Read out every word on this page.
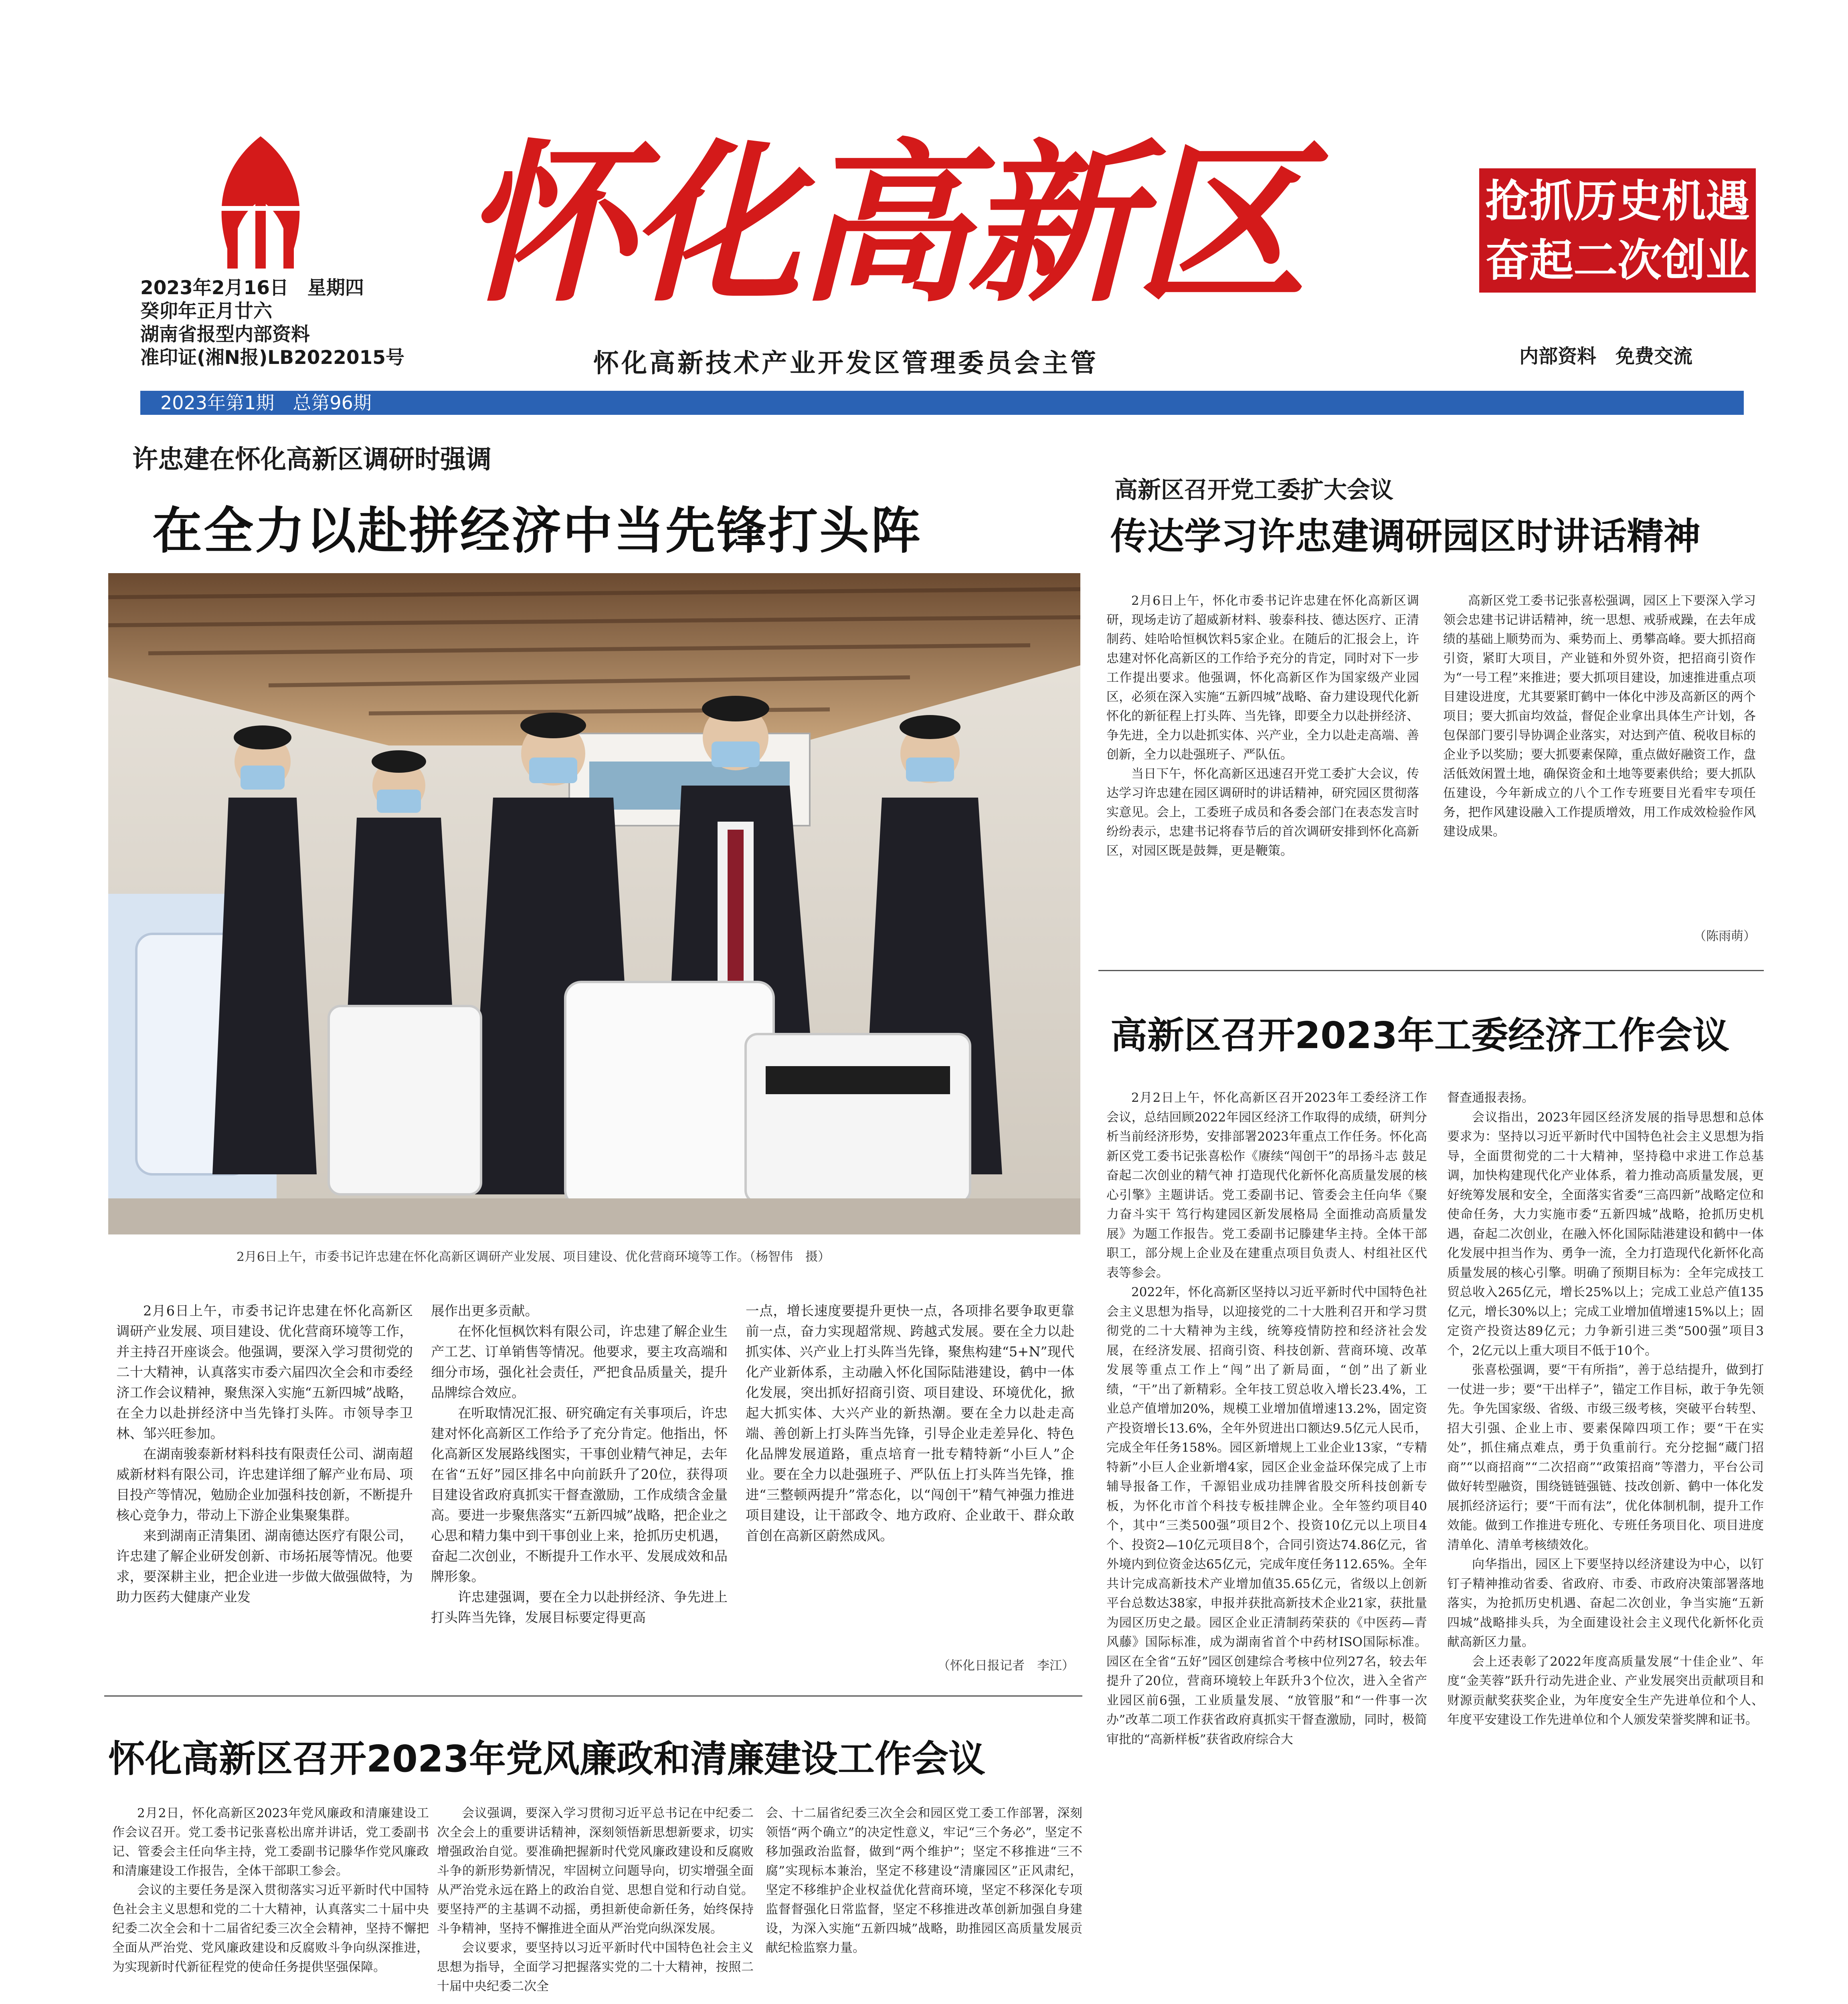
怀化高新区
2023年2月16日　星期四
癸卯年正月廿六
湖南省报型内部资料
准印证(湘N报)LB2022015号
2023年第1期　总第96期
怀化高新技术产业开发区管理委员会主管
抢抓历史机遇
奋起二次创业
内部资料　免费交流
许忠建在怀化高新区调研时强调
在全力以赴拼经济中当先锋打头阵
2月6日上午，市委书记许忠建在怀化高新区调研产业发展、项目建设、优化营商环境等工作。（杨智伟　摄）

2月6日上午，市委书记许忠建在怀化高新区调研产业发展、项目建设、优化营商环境等工作，并主持召开座谈会。他强调，要深入学习贯彻党的二十大精神，认真落实市委六届四次全会和市委经济工作会议精神，聚焦深入实施“五新四城”战略，在全力以赴拼经济中当先锋打头阵。市领导李卫林、邹兴旺参加。

在湖南骏泰新材料科技有限责任公司、湖南超威新材料有限公司，许忠建详细了解产业布局、项目投产等情况，勉励企业加强科技创新，不断提升核心竞争力，带动上下游企业集聚集群。

来到湖南正清集团、湖南德达医疗有限公司，许忠建了解企业研发创新、市场拓展等情况。他要求，要深耕主业，把企业进一步做大做强做特，为助力医药大健康产业发

展作出更多贡献。

在怀化恒枫饮料有限公司，许忠建了解企业生产工艺、订单销售等情况。他要求，要主攻高端和细分市场，强化社会责任，严把食品质量关，提升品牌综合效应。

在听取情况汇报、研究确定有关事项后，许忠建对怀化高新区工作给予了充分肯定。他指出，怀化高新区发展路线图实，干事创业精气神足，去年在省“五好”园区排名中向前跃升了20位，获得项目建设省政府真抓实干督查激励，工作成绩含金量高。要进一步聚焦落实“五新四城”战略，把企业之心思和精力集中到干事创业上来，抢抓历史机遇，奋起二次创业，不断提升工作水平、发展成效和品牌形象。

许忠建强调，要在全力以赴拼经济、争先进上打头阵当先锋，发展目标要定得更高

一点，增长速度要提升更快一点，各项排名要争取更靠前一点，奋力实现超常规、跨越式发展。要在全力以赴抓实体、兴产业上打头阵当先锋，聚焦构建“5+N”现代化产业新体系，主动融入怀化国际陆港建设，鹤中一体化发展，突出抓好招商引资、项目建设、环境优化，掀起大抓实体、大兴产业的新热潮。要在全力以赴走高端、善创新上打头阵当先锋，引导企业走差异化、特色化品牌发展道路，重点培育一批专精特新“小巨人”企业。要在全力以赴强班子、严队伍上打头阵当先锋，推进“三整顿两提升”常态化，以“闯创干”精气神强力推进项目建设，让干部政令、地方政府、企业敢干、群众敢首创在高新区蔚然成风。

（怀化日报记者　李江）
高新区召开党工委扩大会议
传达学习许忠建调研园区时讲话精神

2月6日上午，怀化市委书记许忠建在怀化高新区调研，现场走访了超威新材料、骏泰科技、德达医疗、正清制药、娃哈哈恒枫饮料5家企业。在随后的汇报会上，许忠建对怀化高新区的工作给予充分的肯定，同时对下一步工作提出要求。他强调，怀化高新区作为国家级产业园区，必须在深入实施“五新四城”战略、奋力建设现代化新怀化的新征程上打头阵、当先锋，即要全力以赴拼经济、争先进，全力以赴抓实体、兴产业，全力以赴走高端、善创新，全力以赴强班子、严队伍。

当日下午，怀化高新区迅速召开党工委扩大会议，传达学习许忠建在园区调研时的讲话精神，研究园区贯彻落实意见。会上，工委班子成员和各委会部门在表态发言时纷纷表示，忠建书记将春节后的首次调研安排到怀化高新区，对园区既是鼓舞，更是鞭策。

高新区党工委书记张喜松强调，园区上下要深入学习领会忠建书记讲话精神，统一思想、戒骄戒躁，在去年成绩的基础上顺势而为、乘势而上、勇攀高峰。要大抓招商引资，紧盯大项目，产业链和外贸外资，把招商引资作为“一号工程”来推进；要大抓项目建设，加速推进重点项目建设进度，尤其要紧盯鹤中一体化中涉及高新区的两个项目；要大抓亩均效益，督促企业拿出具体生产计划，各包保部门要引导协调企业落实，对达到产值、税收目标的企业予以奖励；要大抓要素保障，重点做好融资工作，盘活低效闲置土地，确保资金和土地等要素供给；要大抓队伍建设，今年新成立的八个工作专班要目光看牢专项任务，把作风建设融入工作提质增效，用工作成效检验作风建设成果。

（陈雨萌）
高新区召开2023年工委经济工作会议

2月2日上午，怀化高新区召开2023年工委经济工作会议，总结回顾2022年园区经济工作取得的成绩，研判分析当前经济形势，安排部署2023年重点工作任务。怀化高新区党工委书记张喜松作《赓续“闯创干”的昂扬斗志 鼓足奋起二次创业的精气神 打造现代化新怀化高质量发展的核心引擎》主题讲话。党工委副书记、管委会主任向华《聚力奋斗实干 笃行构建园区新发展格局 全面推动高质量发展》为题工作报告。党工委副书记滕建华主持。全体干部职工，部分规上企业及在建重点项目负责人、村组社区代表等参会。

2022年，怀化高新区坚持以习近平新时代中国特色社会主义思想为指导，以迎接党的二十大胜利召开和学习贯彻党的二十大精神为主线，统筹疫情防控和经济社会发展，在经济发展、招商引资、科技创新、营商环境、改革发展等重点工作上“闯”出了新局面，“创”出了新业绩，“干”出了新精彩。全年技工贸总收入增长23.4%，工业总产值增加20%，规模工业增加值增速13.2%，固定资产投资增长13.6%，全年外贸进出口额达9.5亿元人民币，完成全年任务158%。园区新增规上工业企业13家，“专精特新”小巨人企业新增4家，园区企业金益环保完成了上市辅导报备工作，千源铝业成功挂牌省股交所科技创新专板，为怀化市首个科技专板挂牌企业。全年签约项目40个，其中“三类500强”项目2个、投资10亿元以上项目4个、投资2—10亿元项目8个，合同引资达74.86亿元，省外境内到位资金达65亿元，完成年度任务112.65%。全年共计完成高新技术产业增加值35.65亿元，省级以上创新平台总数达38家，申报并获批高新技术企业21家，获批量为园区历史之最。园区企业正清制药荣获的《中医药—青风藤》国际标准，成为湖南省首个中药材ISO国际标准。园区在全省“五好”园区创建综合考核中位列27名，较去年提升了20位，营商环境较上年跃升3个位次，进入全省产业园区前6强，工业质量发展、“放管服”和“一件事一次办”改革二项工作获省政府真抓实干督查激励，同时，极简审批的“高新样板”获省政府综合大

督查通报表扬。

会议指出，2023年园区经济发展的指导思想和总体要求为：坚持以习近平新时代中国特色社会主义思想为指导，全面贯彻党的二十大精神，坚持稳中求进工作总基调，加快构建现代化产业体系，着力推动高质量发展，更好统筹发展和安全，全面落实省委“三高四新”战略定位和使命任务，大力实施市委“五新四城”战略，抢抓历史机遇，奋起二次创业，在融入怀化国际陆港建设和鹤中一体化发展中担当作为、勇争一流，全力打造现代化新怀化高质量发展的核心引擎。明确了预期目标为：全年完成技工贸总收入265亿元，增长25%以上；完成工业总产值135亿元，增长30%以上；完成工业增加值增速15%以上；固定资产投资达89亿元；力争新引进三类“500强”项目3个，2亿元以上重大项目不低于10个。

张喜松强调，要“干有所指”，善于总结提升，做到打一仗进一步；要“干出样子”，锚定工作目标，敢于争先领先。争先国家级、省级、市级三级考核，突破平台转型、招大引强、企业上市、要素保障四项工作；要“干在实处”，抓住痛点难点，勇于负重前行。充分挖掘“蔵门招商”“以商招商”“二次招商”“政策招商”等潜力，平台公司做好转型融资，围绕链链强链、技改创新、鹤中一体化发展抓经济运行；要“干而有法”，优化体制机制，提升工作效能。做到工作推进专班化、专班任务项目化、项目进度清单化、清单考核绩效化。

向华指出，园区上下要坚持以经济建设为中心，以钉钉子精神推动省委、省政府、市委、市政府决策部署落地落实，为抢抓历史机遇、奋起二次创业，争当实施“五新四城”战略排头兵，为全面建设社会主义现代化新怀化贡献高新区力量。

会上还表彰了2022年度高质量发展“十佳企业”、年度“金芙蓉”跃升行动先进企业、产业发展突出贡献项目和财源贡献奖获奖企业，为年度安全生产先进单位和个人、年度平安建设工作先进单位和个人颁发荣誉奖牌和证书。

怀化高新区召开2023年党风廉政和清廉建设工作会议

2月2日，怀化高新区2023年党风廉政和清廉建设工作会议召开。党工委书记张喜松出席并讲话，党工委副书记、管委会主任向华主持，党工委副书记滕华作党风廉政和清廉建设工作报告，全体干部职工参会。

会议的主要任务是深入贯彻落实习近平新时代中国特色社会主义思想和党的二十大精神，认真落实二十届中央纪委二次全会和十二届省纪委三次全会精神，坚持不懈把全面从严治党、党风廉政建设和反腐败斗争向纵深推进，为实现新时代新征程党的使命任务提供坚强保障。

会议强调，要深入学习贯彻习近平总书记在中纪委二次全会上的重要讲话精神，深刻领悟新思想新要求，切实增强政治自觉。要准确把握新时代党风廉政建设和反腐败斗争的新形势新情况，牢固树立问题导向，切实增强全面从严治党永远在路上的政治自觉、思想自觉和行动自觉。要坚持严的主基调不动摇，勇担新使命新任务，始终保持斗争精神，坚持不懈推进全面从严治党向纵深发展。

会议要求，要坚持以习近平新时代中国特色社会主义思想为指导，全面学习把握落实党的二十大精神，按照二十届中央纪委二次全

会、十二届省纪委三次全会和园区党工委工作部署，深刻领悟“两个确立”的决定性意义，牢记“三个务必”，坚定不移加强政治监督，做到“两个维护”；坚定不移推进“三不腐”实现标本兼治，坚定不移建设“清廉园区”正风肃纪，坚定不移维护企业权益优化营商环境，坚定不移深化专项监督督强化日常监督，坚定不移推进改革创新加强自身建设，为深入实施“五新四城”战略，助推园区高质量发展贡献纪检监察力量。
